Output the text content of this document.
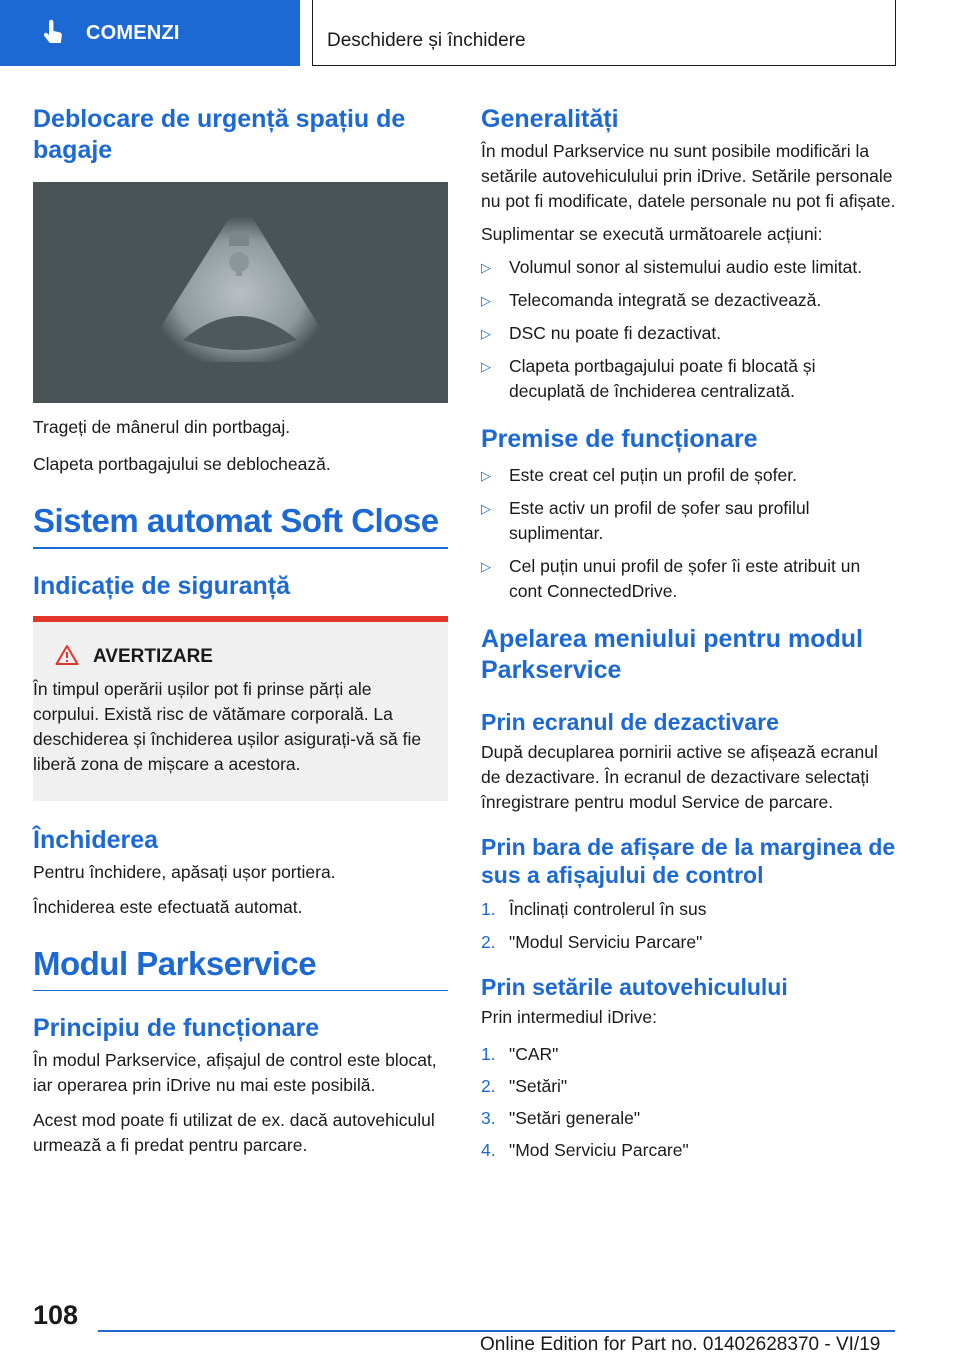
COMENZI	Deschidere și închidere
Deblocare de urgență spațiu de bagaje

Trageți de mânerul din portbagaj.

Clapeta portbagajului se deblochează.

Sistem automat Soft Close
Indicație de siguranță
AVERTIZARE
În timpul operării ușilor pot fi prinse părți ale corpului. Există risc de vătămare corporală. La deschiderea și închiderea ușilor asigurați-vă să fie liberă zona de mișcare a acestora.
Închiderea

Pentru închidere, apăsați ușor portiera.

Închiderea este efectuată automat.

Modul Parkservice
Principiu de funcționare

În modul Parkservice, afișajul de control este blocat, iar operarea prin iDrive nu mai este posibilă.

Acest mod poate fi utilizat de ex. dacă autovehiculul urmează a fi predat pentru parcare.

Generalități

În modul Parkservice nu sunt posibile modificări la setările autovehiculului prin iDrive. Setările personale nu pot fi modificate, datele personale nu pot fi afișate.

Suplimentar se execută următoarele acțiuni:

▷	Volumul sonor al sistemului audio este limitat.
▷	Telecomanda integrată se dezactivează.
▷	DSC nu poate fi dezactivat.
▷	Clapeta portbagajului poate fi blocată și decuplată de închiderea centralizată.
Premise de funcționare
▷	Este creat cel puțin un profil de șofer.
▷	Este activ un profil de șofer sau profilul suplimentar.
▷	Cel puțin unui profil de șofer îi este atribuit un cont ConnectedDrive.
Apelarea meniului pentru modul Parkservice
Prin ecranul de dezactivare

După decuplarea pornirii active se afișează ecranul de dezactivare. În ecranul de dezactivare selectați înregistrare pentru modul Service de parcare.

Prin bara de afișare de la marginea de sus a afișajului de control
1. Înclinați controlerul în sus
2. "Modul Serviciu Parcare"
Prin setările autovehiculului

Prin intermediul iDrive:

1. "CAR"
2. "Setări"
3. "Setări generale"
4. "Mod Serviciu Parcare"
108
Online Edition for Part no. 01402628370 - VI/19
